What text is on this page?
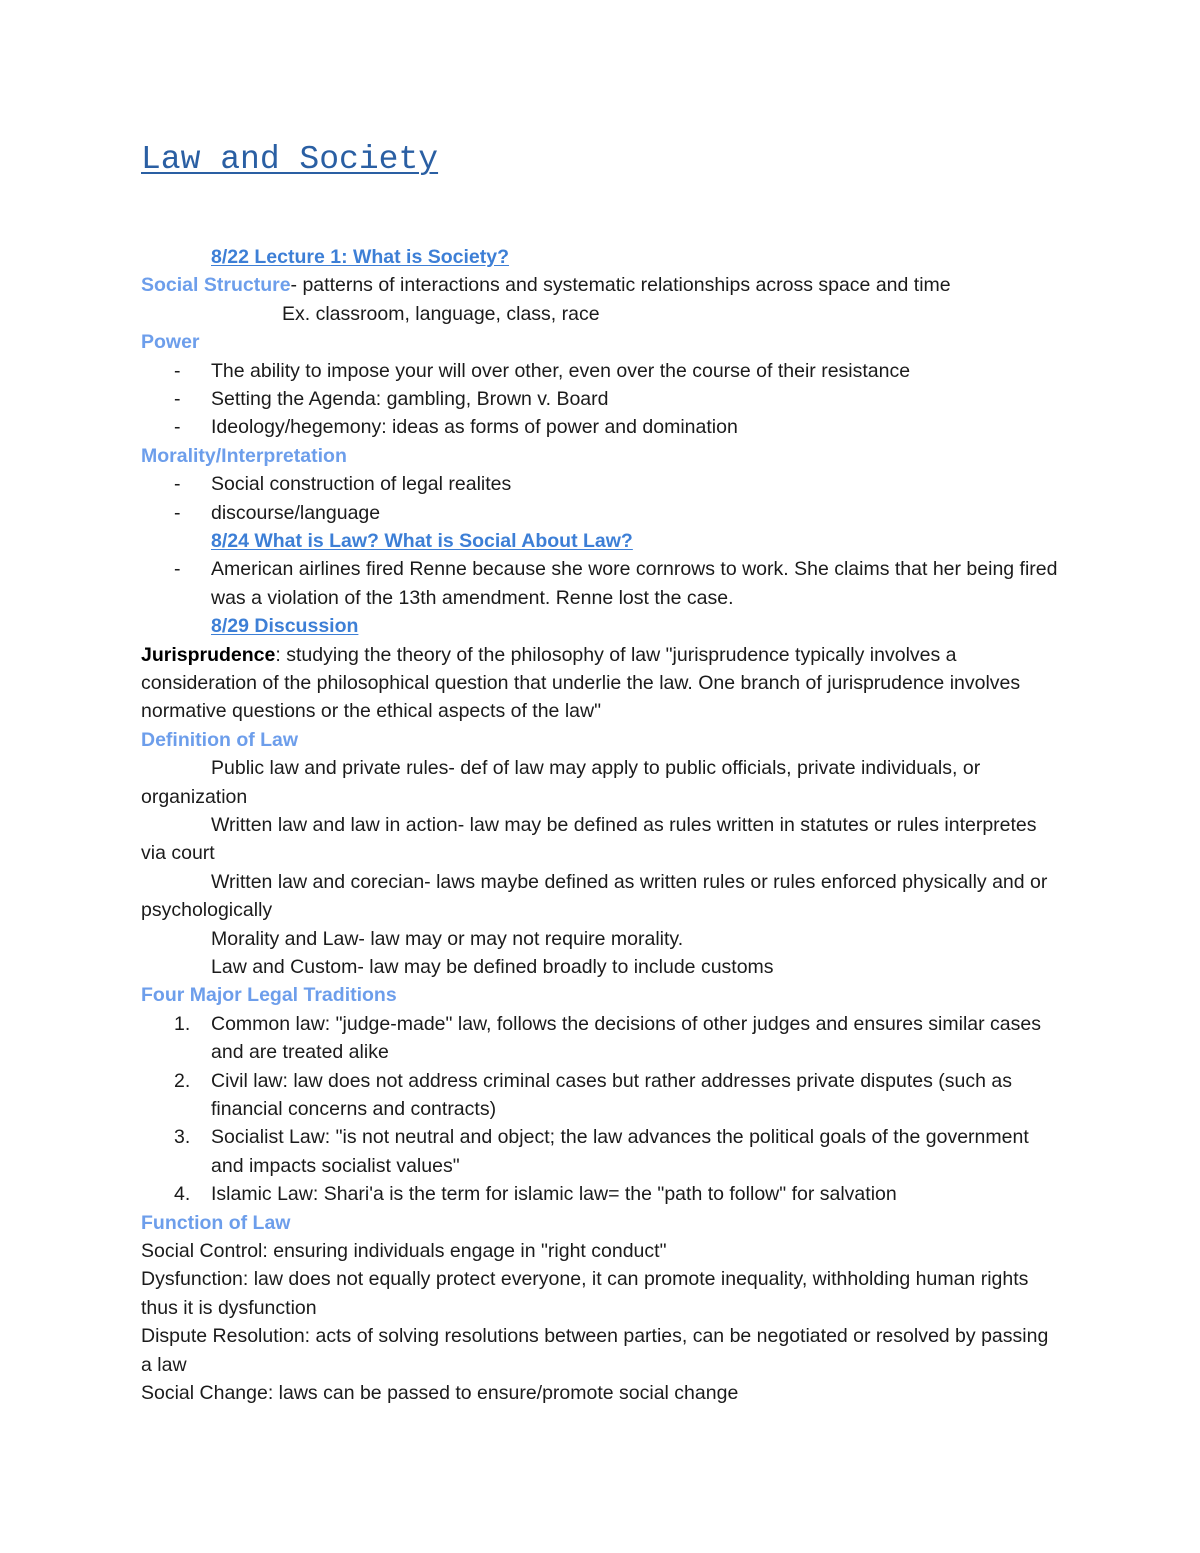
Law and Society
8/22 Lecture 1: What is Society?
Social Structure- patterns of interactions and systematic relationships across space and time
Ex. classroom, language, class, race
Power
- The ability to impose your will over other, even over the course of their resistance
- Setting the Agenda: gambling, Brown v. Board
- Ideology/hegemony: ideas as forms of power and domination
Morality/Interpretation
- Social construction of legal realites
- discourse/language
8/24 What is Law? What is Social About Law?
- American airlines fired Renne because she wore cornrows to work. She claims that her being fired was a violation of the 13th amendment. Renne lost the case.
8/29 Discussion
Jurisprudence: studying the theory of the philosophy of law "jurisprudence typically involves a consideration of the philosophical question that underlie the law. One branch of jurisprudence involves normative questions or the ethical aspects of the law"
Definition of Law
Public law and private rules- def of law may apply to public officials, private individuals, or organization
Written law and law in action- law may be defined as rules written in statutes or rules interpretes via court
Written law and corecian- laws maybe defined as written rules or rules enforced physically and or psychologically
Morality and Law- law may or may not require morality.
Law and Custom- law may be defined broadly to include customs
Four Major Legal Traditions
1. Common law: "judge-made" law, follows the decisions of other judges and ensures similar cases and are treated alike
2. Civil law: law does not address criminal cases but rather addresses private disputes (such as financial concerns and contracts)
3. Socialist Law: "is not neutral and object; the law advances the political goals of the government and impacts socialist values"
4. Islamic Law: Shari'a is the term for islamic law= the "path to follow" for salvation
Function of Law
Social Control: ensuring individuals engage in "right conduct"
Dysfunction: law does not equally protect everyone, it can promote inequality, withholding human rights thus it is dysfunction
Dispute Resolution: acts of solving resolutions between parties, can be negotiated or resolved by passing a law
Social Change: laws can be passed to ensure/promote social change
